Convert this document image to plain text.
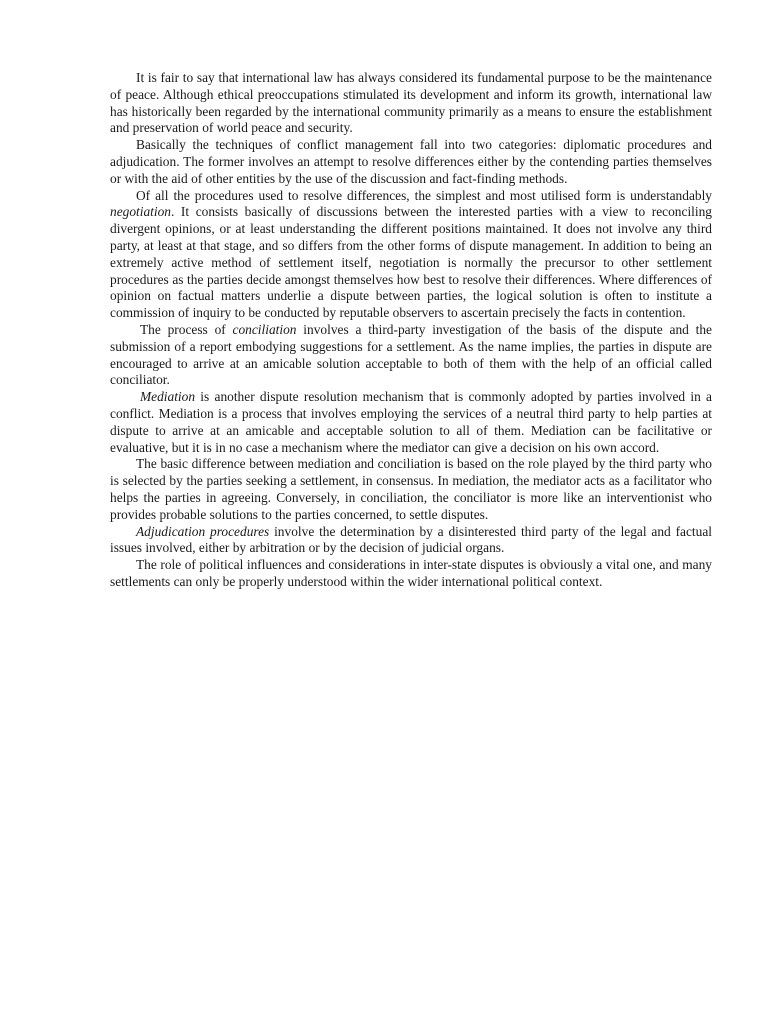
It is fair to say that international law has always considered its fundamental purpose to be the maintenance of peace. Although ethical preoccupations stimulated its development and inform its growth, international law has historically been regarded by the international community primarily as a means to ensure the establishment and preservation of world peace and security.

Basically the techniques of conflict management fall into two categories: diplomatic procedures and adjudication. The former involves an attempt to resolve differences either by the contending parties themselves or with the aid of other entities by the use of the discussion and fact-finding methods.

Of all the procedures used to resolve differences, the simplest and most utilised form is understandably negotiation. It consists basically of discussions between the interested parties with a view to reconciling divergent opinions, or at least understanding the different positions maintained. It does not involve any third party, at least at that stage, and so differs from the other forms of dispute management. In addition to being an extremely active method of settlement itself, negotiation is normally the precursor to other settlement procedures as the parties decide amongst themselves how best to resolve their differences. Where differences of opinion on factual matters underlie a dispute between parties, the logical solution is often to institute a commission of inquiry to be conducted by reputable observers to ascertain precisely the facts in contention.

The process of conciliation involves a third-party investigation of the basis of the dispute and the submission of a report embodying suggestions for a settlement. As the name implies, the parties in dispute are encouraged to arrive at an amicable solution acceptable to both of them with the help of an official called conciliator.

Mediation is another dispute resolution mechanism that is commonly adopted by parties involved in a conflict. Mediation is a process that involves employing the services of a neutral third party to help parties at dispute to arrive at an amicable and acceptable solution to all of them. Mediation can be facilitative or evaluative, but it is in no case a mechanism where the mediator can give a decision on his own accord.

The basic difference between mediation and conciliation is based on the role played by the third party who is selected by the parties seeking a settlement, in consensus. In mediation, the mediator acts as a facilitator who helps the parties in agreeing. Conversely, in conciliation, the conciliator is more like an interventionist who provides probable solutions to the parties concerned, to settle disputes.

Adjudication procedures involve the determination by a disinterested third party of the legal and factual issues involved, either by arbitration or by the decision of judicial organs.

The role of political influences and considerations in inter-state disputes is obviously a vital one, and many settlements can only be properly understood within the wider international political context.
